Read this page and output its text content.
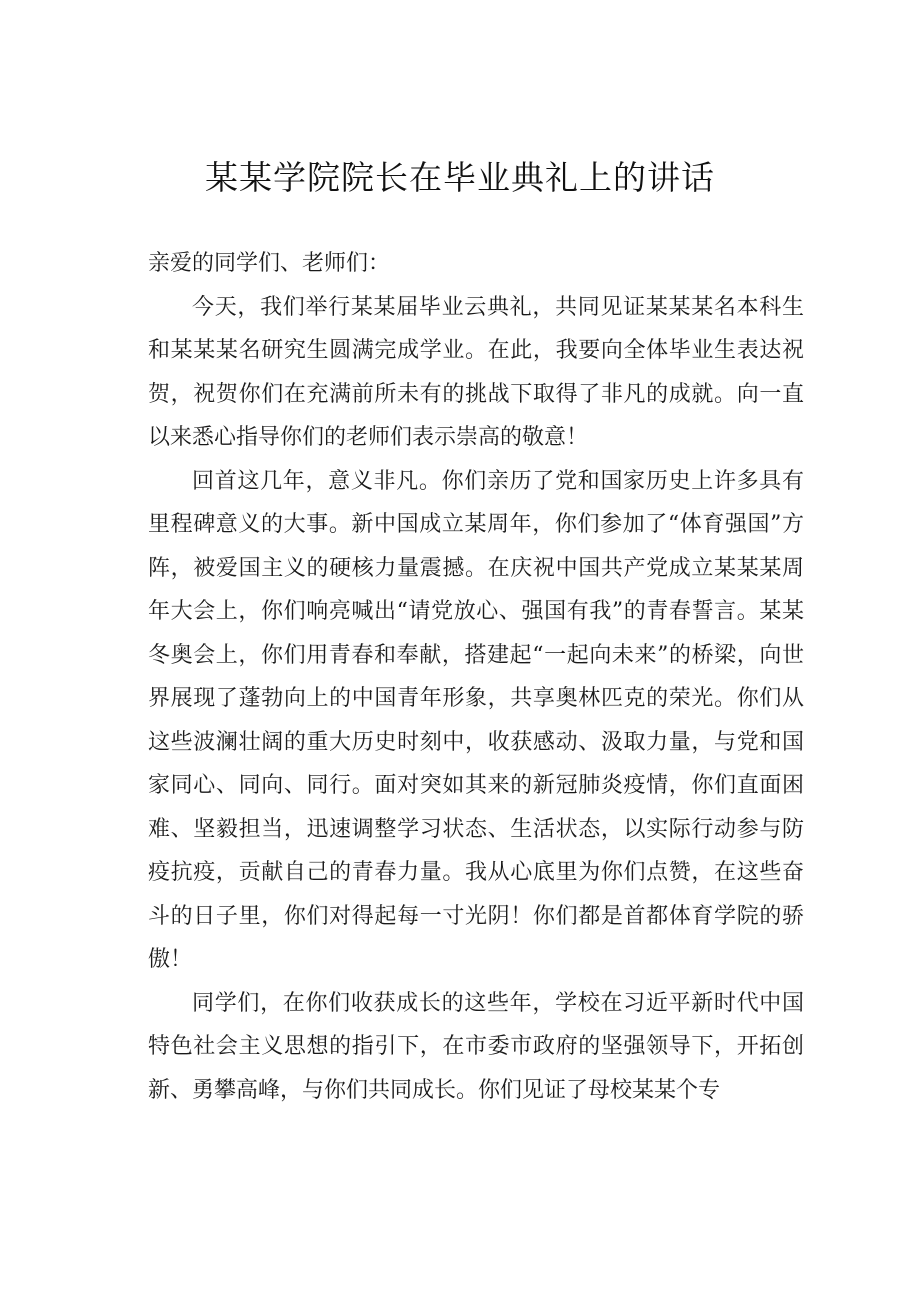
某某学院院长在毕业典礼上的讲话

亲爱的同学们、老师们：

今天，我们举行某某届毕业云典礼，共同见证某某某名本科生和某某某名研究生圆满完成学业。在此，我要向全体毕业生表达祝贺，祝贺你们在充满前所未有的挑战下取得了非凡的成就。向一直以来悉心指导你们的老师们表示崇高的敬意！

回首这几年，意义非凡。你们亲历了党和国家历史上许多具有里程碑意义的大事。新中国成立某周年，你们参加了“体育强国”方阵，被爱国主义的硬核力量震撼。在庆祝中国共产党成立某某某周年大会上，你们响亮喊出“请党放心、强国有我”的青春誓言。某某冬奥会上，你们用青春和奉献，搭建起“一起向未来”的桥梁，向世界展现了蓬勃向上的中国青年形象，共享奥林匹克的荣光。你们从这些波澜壮阔的重大历史时刻中，收获感动、汲取力量，与党和国家同心、同向、同行。面对突如其来的新冠肺炎疫情，你们直面困难、坚毅担当，迅速调整学习状态、生活状态，以实际行动参与防疫抗疫，贡献自己的青春力量。我从心底里为你们点赞，在这些奋斗的日子里，你们对得起每一寸光阴！你们都是首都体育学院的骄傲！

同学们，在你们收获成长的这些年，学校在习近平新时代中国特色社会主义思想的指引下，在市委市政府的坚强领导下，开拓创新、勇攀高峰，与你们共同成长。你们见证了母校某某个专
